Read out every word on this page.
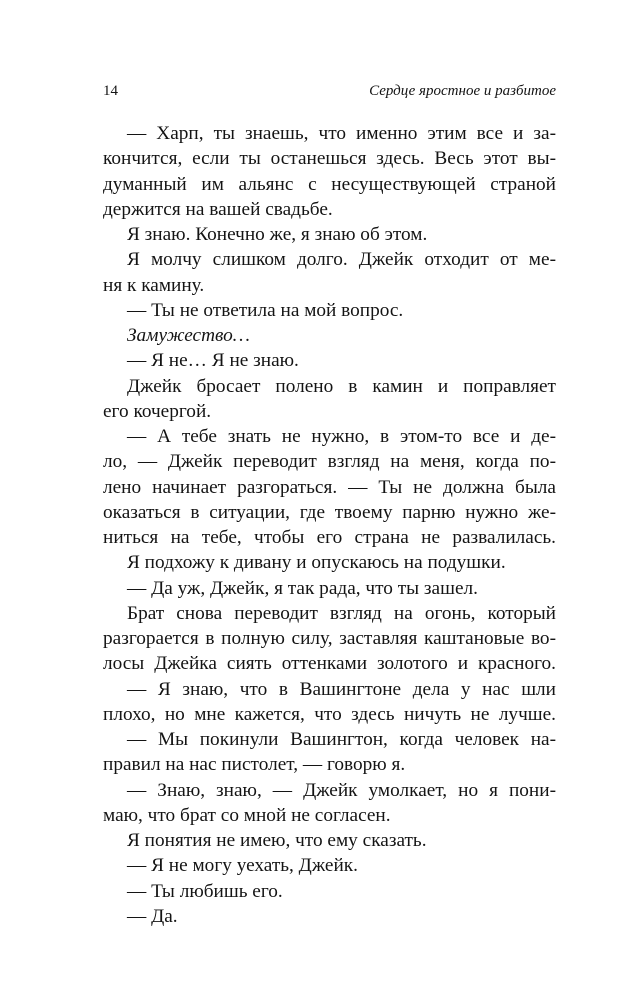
14	Сердце яростное и разбитое
— Харп, ты знаешь, что именно этим все и за-
кончится, если ты останешься здесь. Весь этот вы-
думанный им альянс с несуществующей страной
держится на вашей свадьбе.
Я знаю. Конечно же, я знаю об этом.
Я молчу слишком долго. Джейк отходит от ме-
ня к камину.
— Ты не ответила на мой вопрос.
Замужество…
— Я не… Я не знаю.
Джейк бросает полено в камин и поправляет
его кочергой.
— А тебе знать не нужно, в этом-то все и де-
ло, — Джейк переводит взгляд на меня, когда по-
лено начинает разгораться. — Ты не должна была
оказаться в ситуации, где твоему парню нужно же-
ниться на тебе, чтобы его страна не развалилась.
Я подхожу к дивану и опускаюсь на подушки.
— Да уж, Джейк, я так рада, что ты зашел.
Брат снова переводит взгляд на огонь, который
разгорается в полную силу, заставляя каштановые во-
лосы Джейка сиять оттенками золотого и красного.
— Я знаю, что в Вашингтоне дела у нас шли
плохо, но мне кажется, что здесь ничуть не лучше.
— Мы покинули Вашингтон, когда человек на-
правил на нас пистолет, — говорю я.
— Знаю, знаю, — Джейк умолкает, но я пони-
маю, что брат со мной не согласен.
Я понятия не имею, что ему сказать.
— Я не могу уехать, Джейк.
— Ты любишь его.
— Да.
